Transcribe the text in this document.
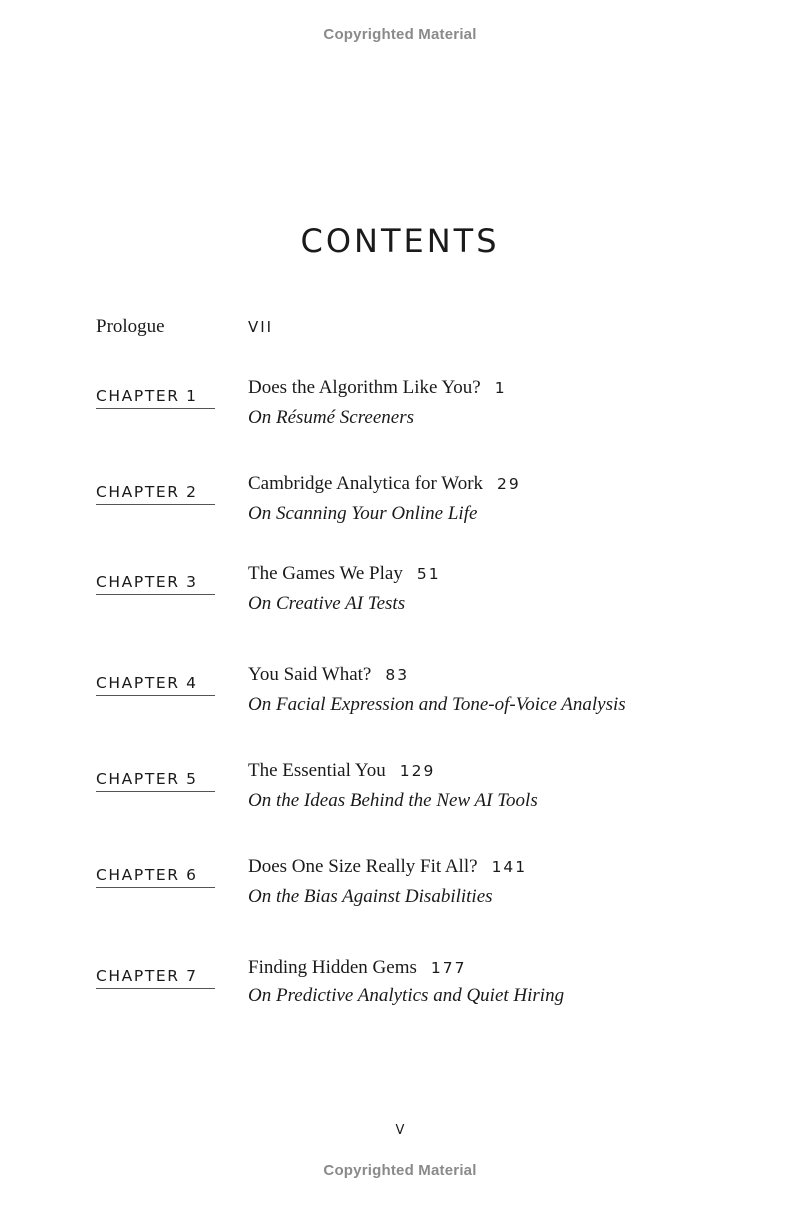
Copyrighted Material
CONTENTS
Prologue	VII
CHAPTER 1	Does the Algorithm Like You? 1
On Résumé Screeners
CHAPTER 2	Cambridge Analytica for Work 29
On Scanning Your Online Life
CHAPTER 3	The Games We Play 51
On Creative AI Tests
CHAPTER 4	You Said What? 83
On Facial Expression and Tone-of-Voice Analysis
CHAPTER 5	The Essential You 129
On the Ideas Behind the New AI Tools
CHAPTER 6	Does One Size Really Fit All? 141
On the Bias Against Disabilities
CHAPTER 7	Finding Hidden Gems 177
On Predictive Analytics and Quiet Hiring
V
Copyrighted Material
